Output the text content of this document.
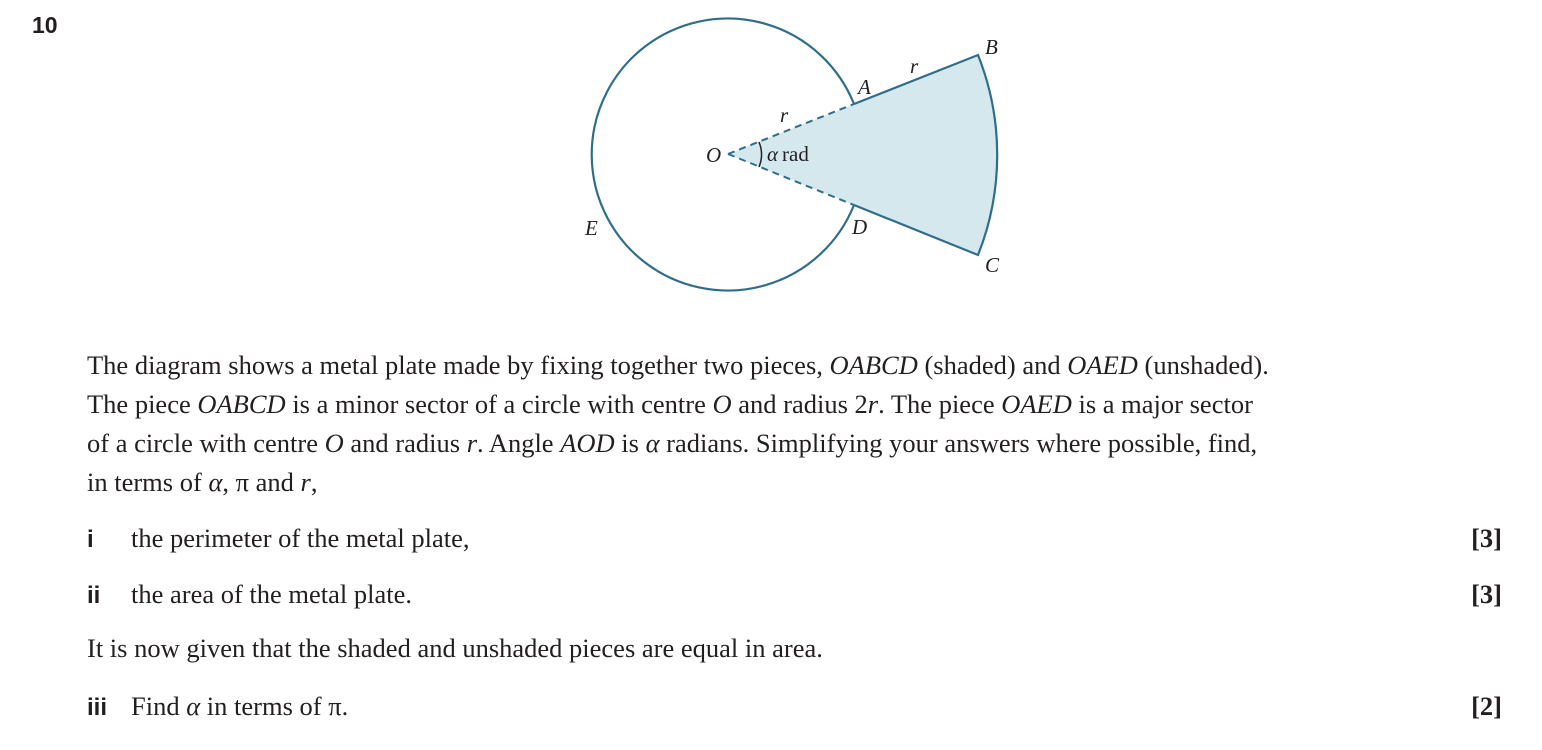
10
O α rad
r
A
r
B
D
C
E

The diagram shows a metal plate made by fixing together two pieces, OABCD (shaded) and OAED (unshaded).

The piece OABCD is a minor sector of a circle with centre O and radius 2r. The piece OAED is a major sector

of a circle with centre O and radius r. Angle AOD is α radians. Simplifying your answers where possible, find,

in terms of α, π and r,

i the perimeter of the metal plate,	[3]
ii the area of the metal plate.	[3]
It is now given that the shaded and unshaded pieces are equal in area.
iii Find α in terms of π.	[2]
